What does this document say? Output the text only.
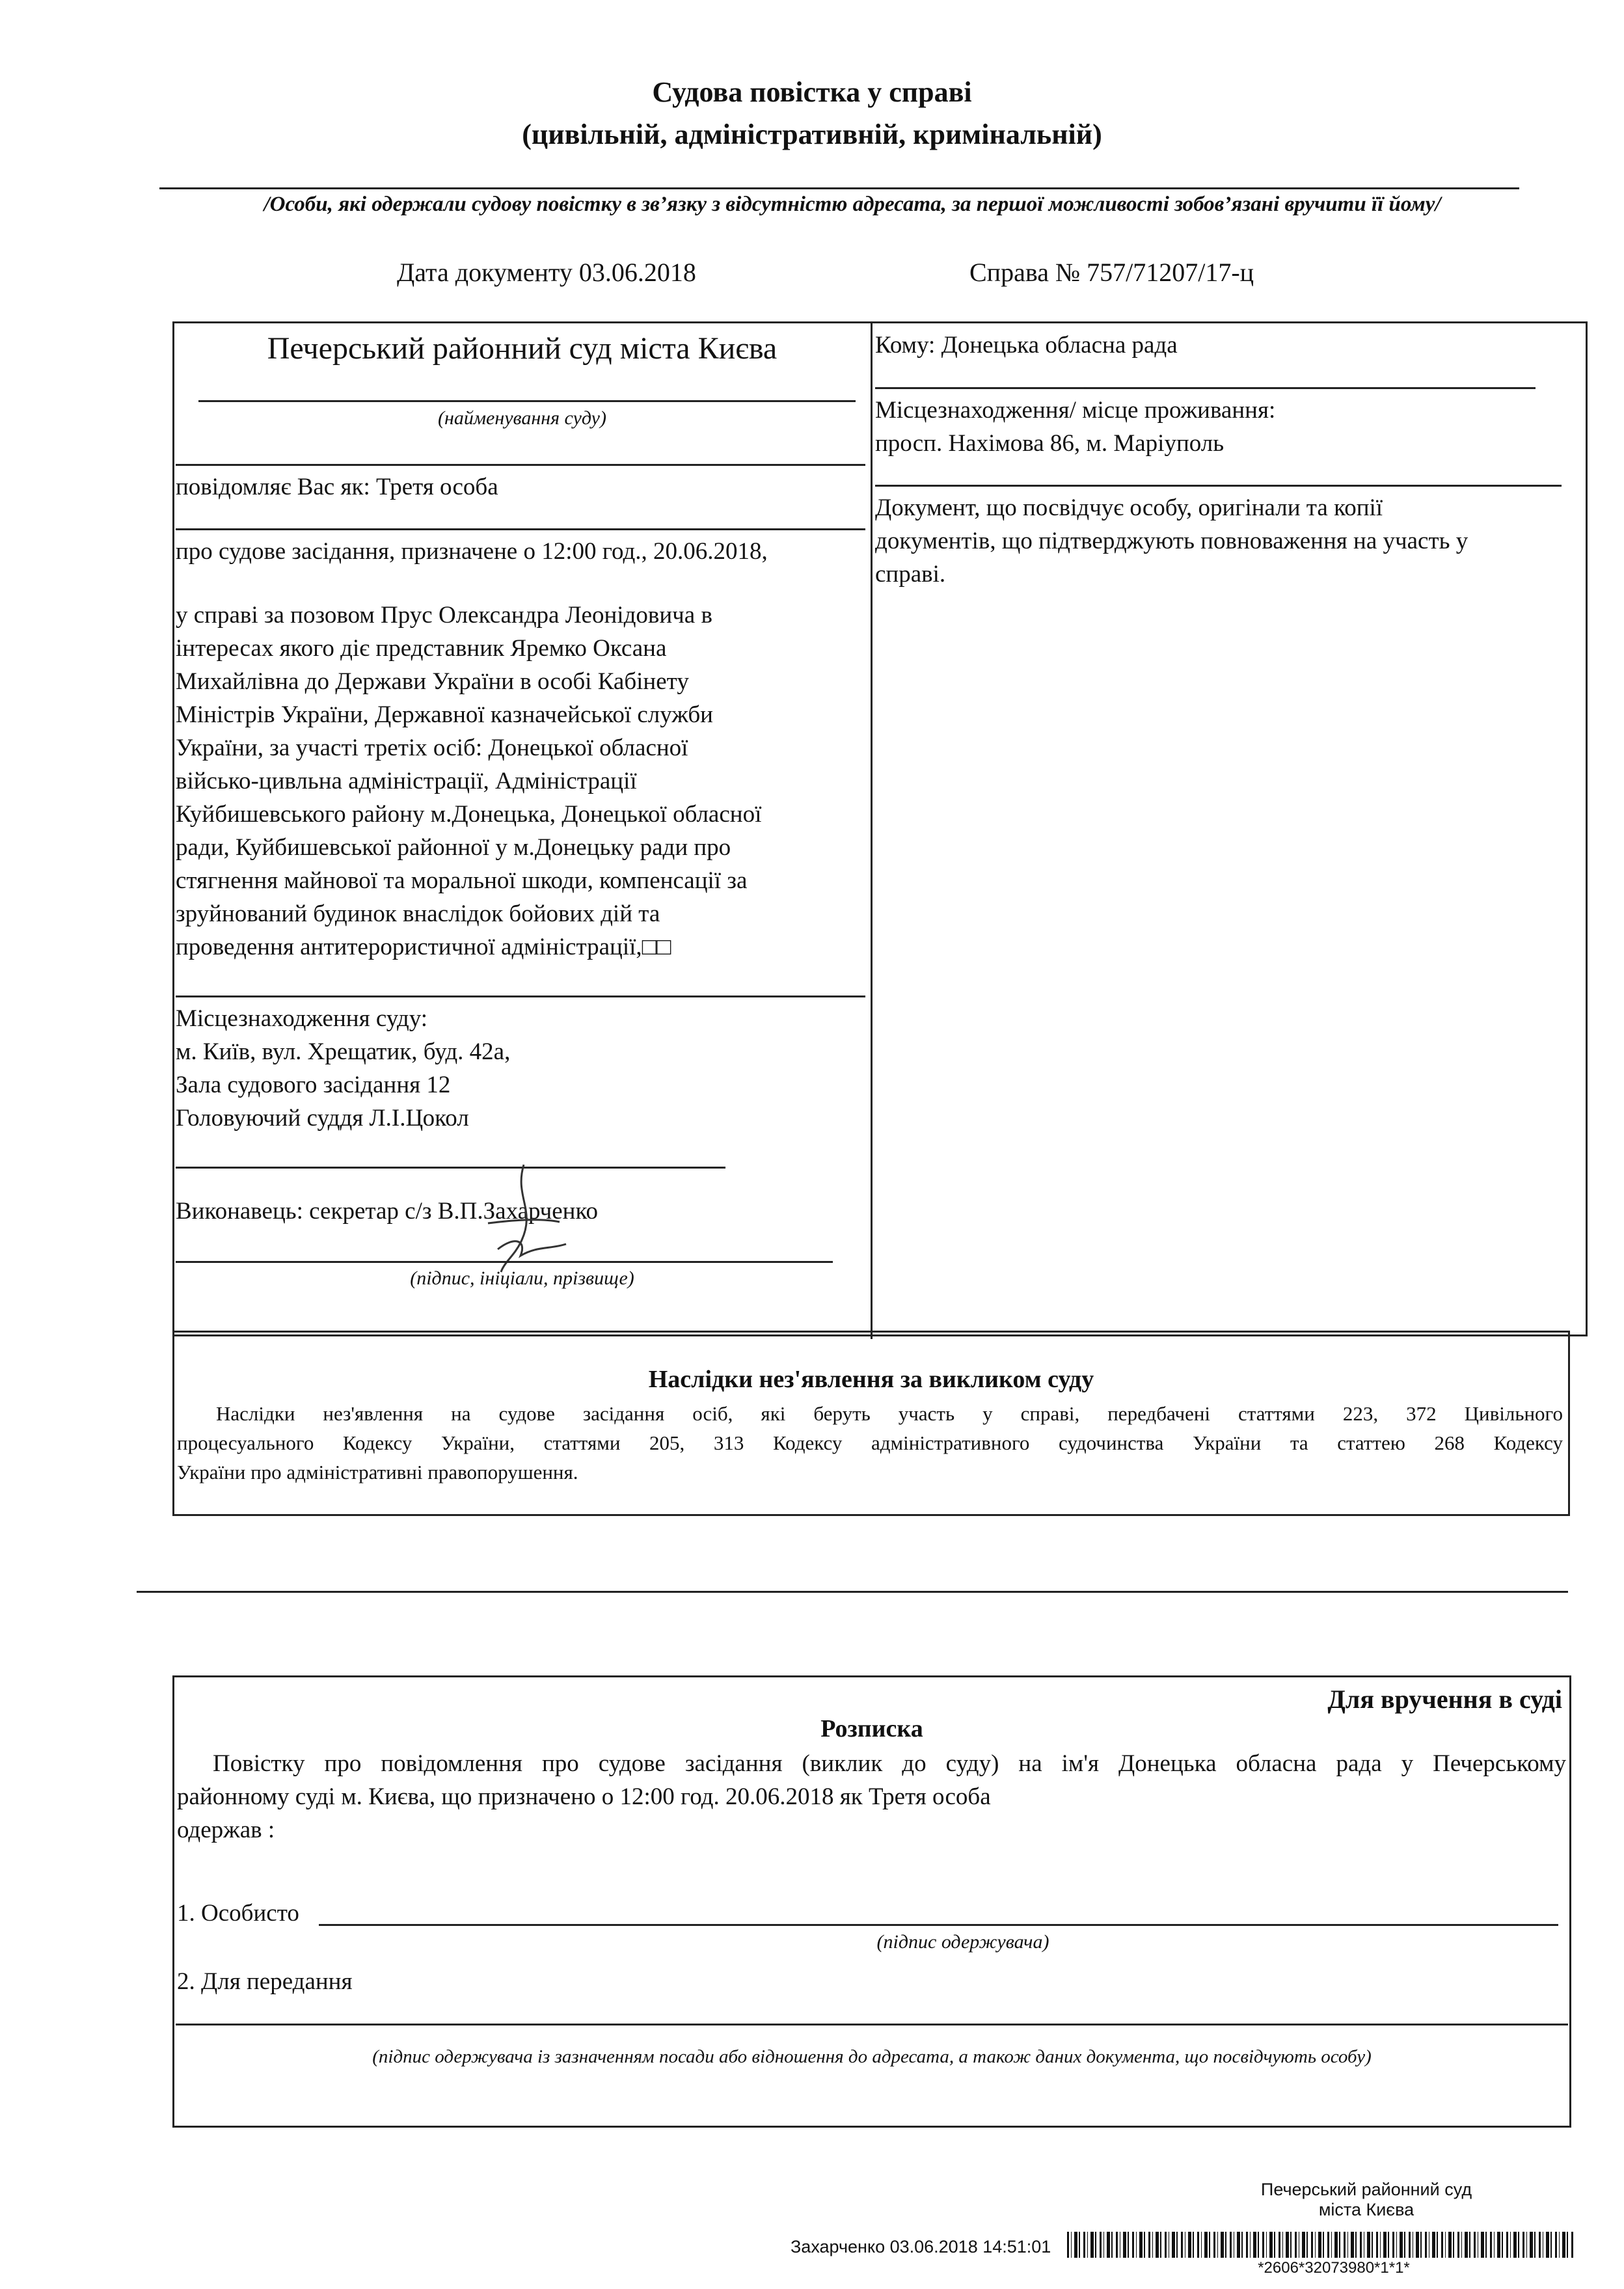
Судова повістка у справі
(цивільній, адміністративній, кримінальній)
/Особи, які одержали судову повістку в зв’язку з відсутністю адресата, за першої можливості зобов’язані вручити її йому/
Дата документу 03.06.2018	Справа № 757/71207/17-ц
Печерський районний суд міста Києва
(найменування суду)
повідомляє Вас як: Третя особа
про судове засідання, призначене о 12:00 год., 20.06.2018,
у справі за позовом Прус Олександра Леонідовича в
інтересах якого діє представник Яремко Оксана
Михайлівна до Держави України в особі Кабінету
Міністрів України, Державної казначейської служби
України, за участі третіх осіб: Донецької обласної
військо-цивльна адміністрації, Адміністрації
Куйбишевського району м.Донецька, Донецької обласної
ради, Куйбишевської районної у м.Донецьку ради про
стягнення майнової та моральної шкоди, компенсації за
зруйнований будинок внаслідок бойових дій та
проведення антитерористичної адміністрації,□□
Місцезнаходження суду:
м. Київ, вул. Хрещатик, буд. 42а,
Зала судового засідання 12
Головуючий суддя Л.І.Цокол
Виконавець: секретар с/з В.П.Захарченко
(підпис, ініціали, прізвище)
Кому: Донецька обласна рада
Місцезнаходження/ місце проживання:
просп. Нахімова 86, м. Маріуполь
Документ, що посвідчує особу, оригінали та копії
документів, що підтверджують повноваження на участь у
справі.
Наслідки нез'явлення за викликом суду
Наслідки нез'явлення на судове засідання осіб, які беруть участь у справі, передбачені статтями 223, 372 Цивільного
процесуального Кодексу України, статтями 205, 313 Кодексу адміністративного судочинства України та статтею 268 Кодексу
України про адміністративні правопорушення.
Для вручення в суді
Розписка
Повістку про повідомлення про судове засідання (виклик до суду) на ім'я Донецька обласна рада у Печерському
районному суді м. Києва, що призначено о 12:00 год. 20.06.2018 як Третя особа
одержав :
1. Особисто
(підпис одержувача)
2. Для передання
(підпис одержувача із зазначенням посади або відношення до адресата, а також даних документа, що посвідчують особу)
Печерський районний суд
міста Києва
Захарченко 03.06.2018 14:51:01
*2606*32073980*1*1*
